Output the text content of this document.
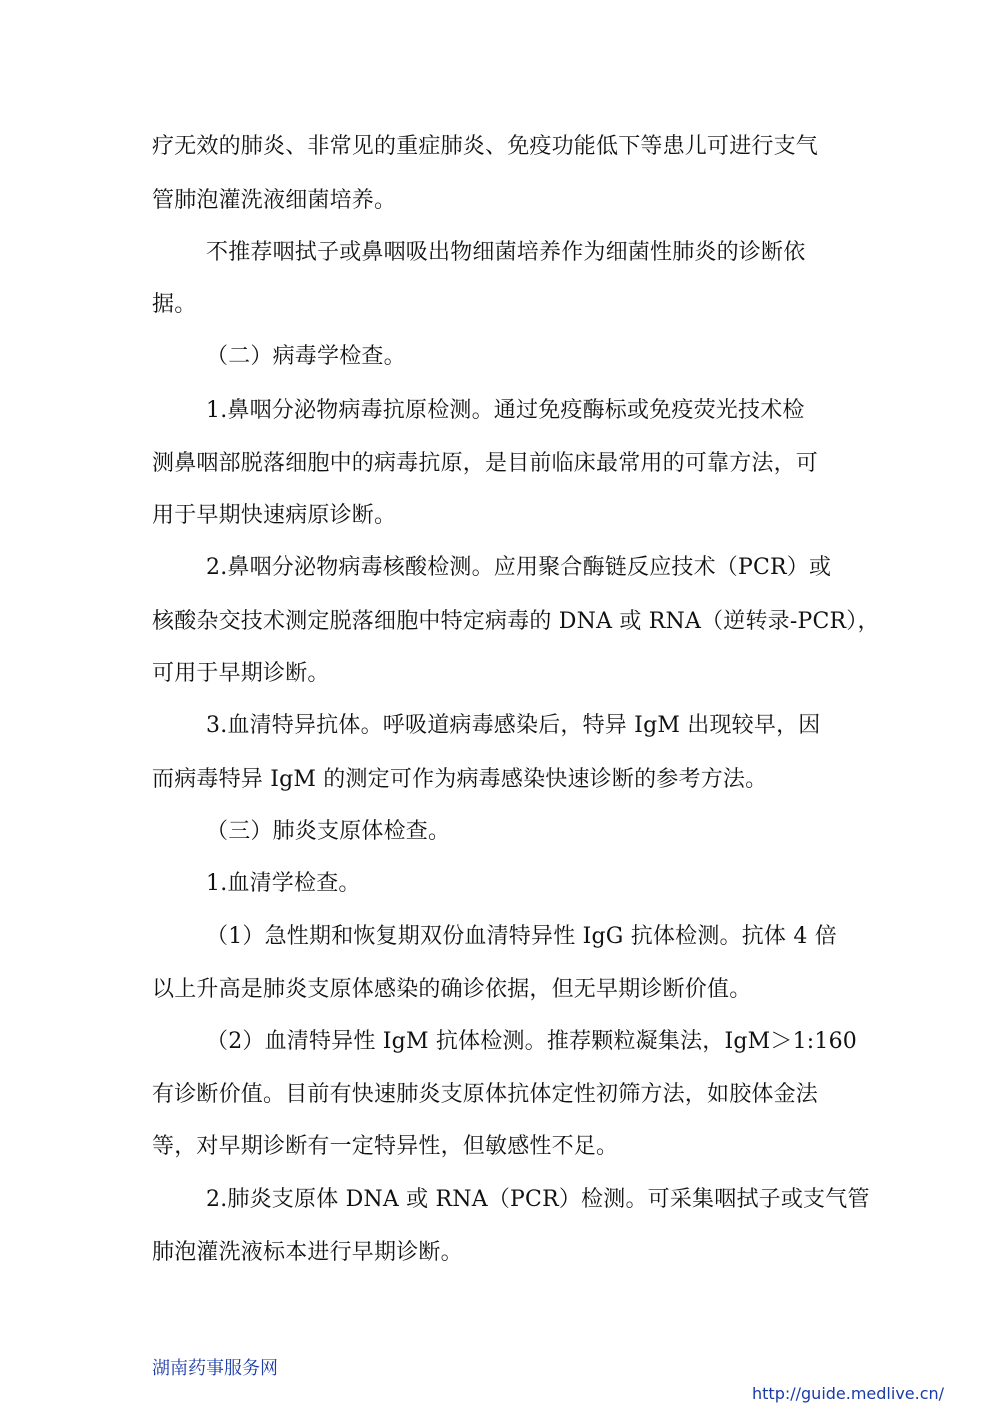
疗无效的肺炎、非常见的重症肺炎、免疫功能低下等患儿可进行支气
管肺泡灌洗液细菌培养。
不推荐咽拭子或鼻咽吸出物细菌培养作为细菌性肺炎的诊断依
据。
（二）病毒学检查。
1.鼻咽分泌物病毒抗原检测。通过免疫酶标或免疫荧光技术检
测鼻咽部脱落细胞中的病毒抗原，是目前临床最常用的可靠方法，可
用于早期快速病原诊断。
2.鼻咽分泌物病毒核酸检测。应用聚合酶链反应技术（PCR）或
核酸杂交技术测定脱落细胞中特定病毒的 DNA 或 RNA（逆转录-PCR），
可用于早期诊断。
3.血清特异抗体。呼吸道病毒感染后，特异 IgM 出现较早，因
而病毒特异 IgM 的测定可作为病毒感染快速诊断的参考方法。
（三）肺炎支原体检查。
1.血清学检查。
（1）急性期和恢复期双份血清特异性 IgG 抗体检测。抗体 4 倍
以上升高是肺炎支原体感染的确诊依据，但无早期诊断价值。
（2）血清特异性 IgM 抗体检测。推荐颗粒凝集法，IgM＞1:160
有诊断价值。目前有快速肺炎支原体抗体定性初筛方法，如胶体金法
等，对早期诊断有一定特异性，但敏感性不足。
2.肺炎支原体 DNA 或 RNA（PCR）检测。可采集咽拭子或支气管
肺泡灌洗液标本进行早期诊断。
湖南药事服务网
http://guide.medlive.cn/
